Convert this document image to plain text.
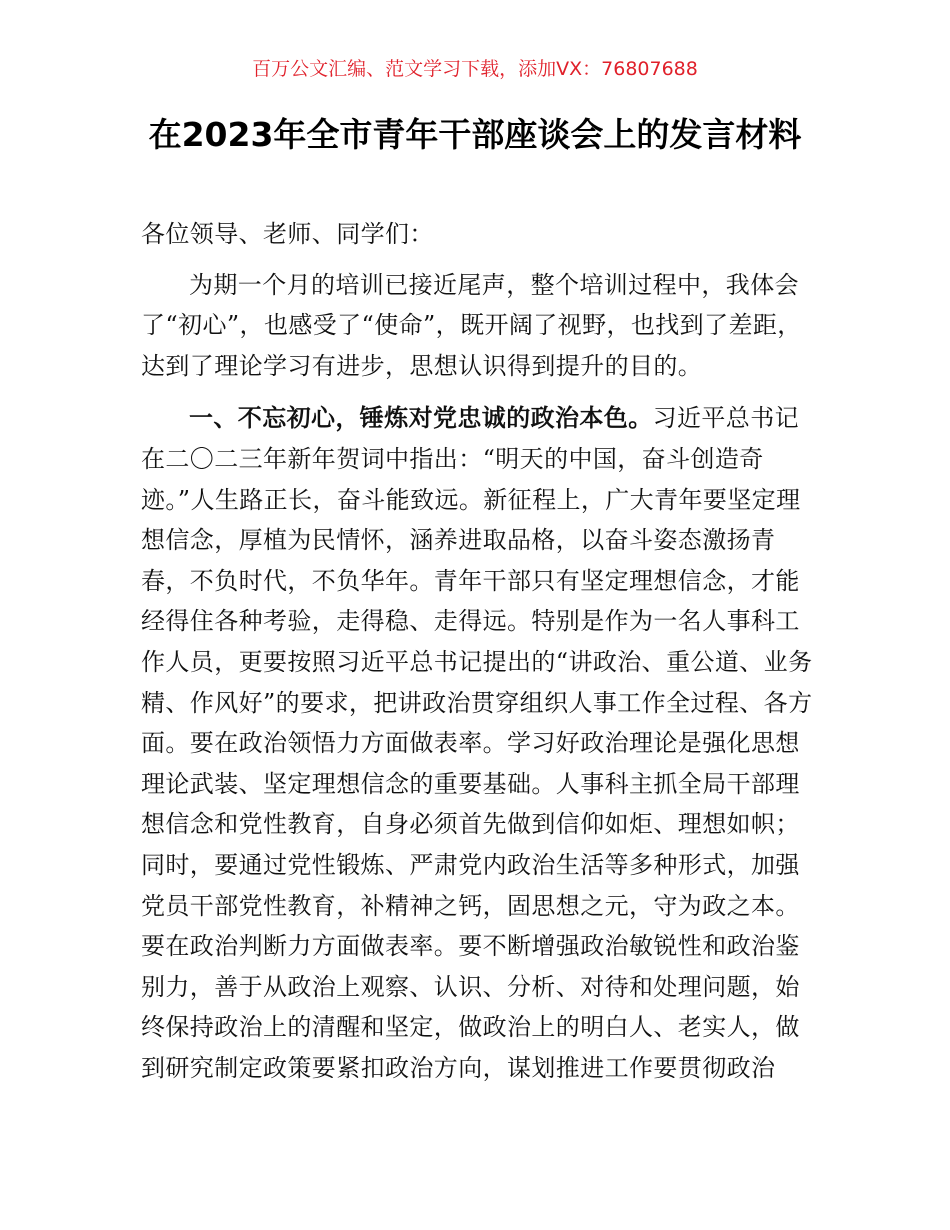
百万公文汇编、范文学习下载，添加VX：76807688

在2023年全市青年干部座谈会上的发言材料

各位领导、老师、同学们：

为期一个月的培训已接近尾声，整个培训过程中，我体会了“初心”，也感受了“使命”，既开阔了视野，也找到了差距，达到了理论学习有进步，思想认识得到提升的目的。

一、不忘初心，锤炼对党忠诚的政治本色。习近平总书记在二〇二三年新年贺词中指出：“明天的中国，奋斗创造奇迹。”人生路正长，奋斗能致远。新征程上，广大青年要坚定理想信念，厚植为民情怀，涵养进取品格，以奋斗姿态激扬青春，不负时代，不负华年。青年干部只有坚定理想信念，才能经得住各种考验，走得稳、走得远。特别是作为一名人事科工作人员，更要按照习近平总书记提出的“讲政治、重公道、业务精、作风好”的要求，把讲政治贯穿组织人事工作全过程、各方面。要在政治领悟力方面做表率。学习好政治理论是强化思想理论武装、坚定理想信念的重要基础。人事科主抓全局干部理想信念和党性教育，自身必须首先做到信仰如炬、理想如帜；同时，要通过党性锻炼、严肃党内政治生活等多种形式，加强党员干部党性教育，补精神之钙，固思想之元，守为政之本。要在政治判断力方面做表率。要不断增强政治敏锐性和政治鉴别力，善于从政治上观察、认识、分析、对待和处理问题，始终保持政治上的清醒和坚定，做政治上的明白人、老实人，做到研究制定政策要紧扣政治方向，谋划推进工作要贯彻政治
